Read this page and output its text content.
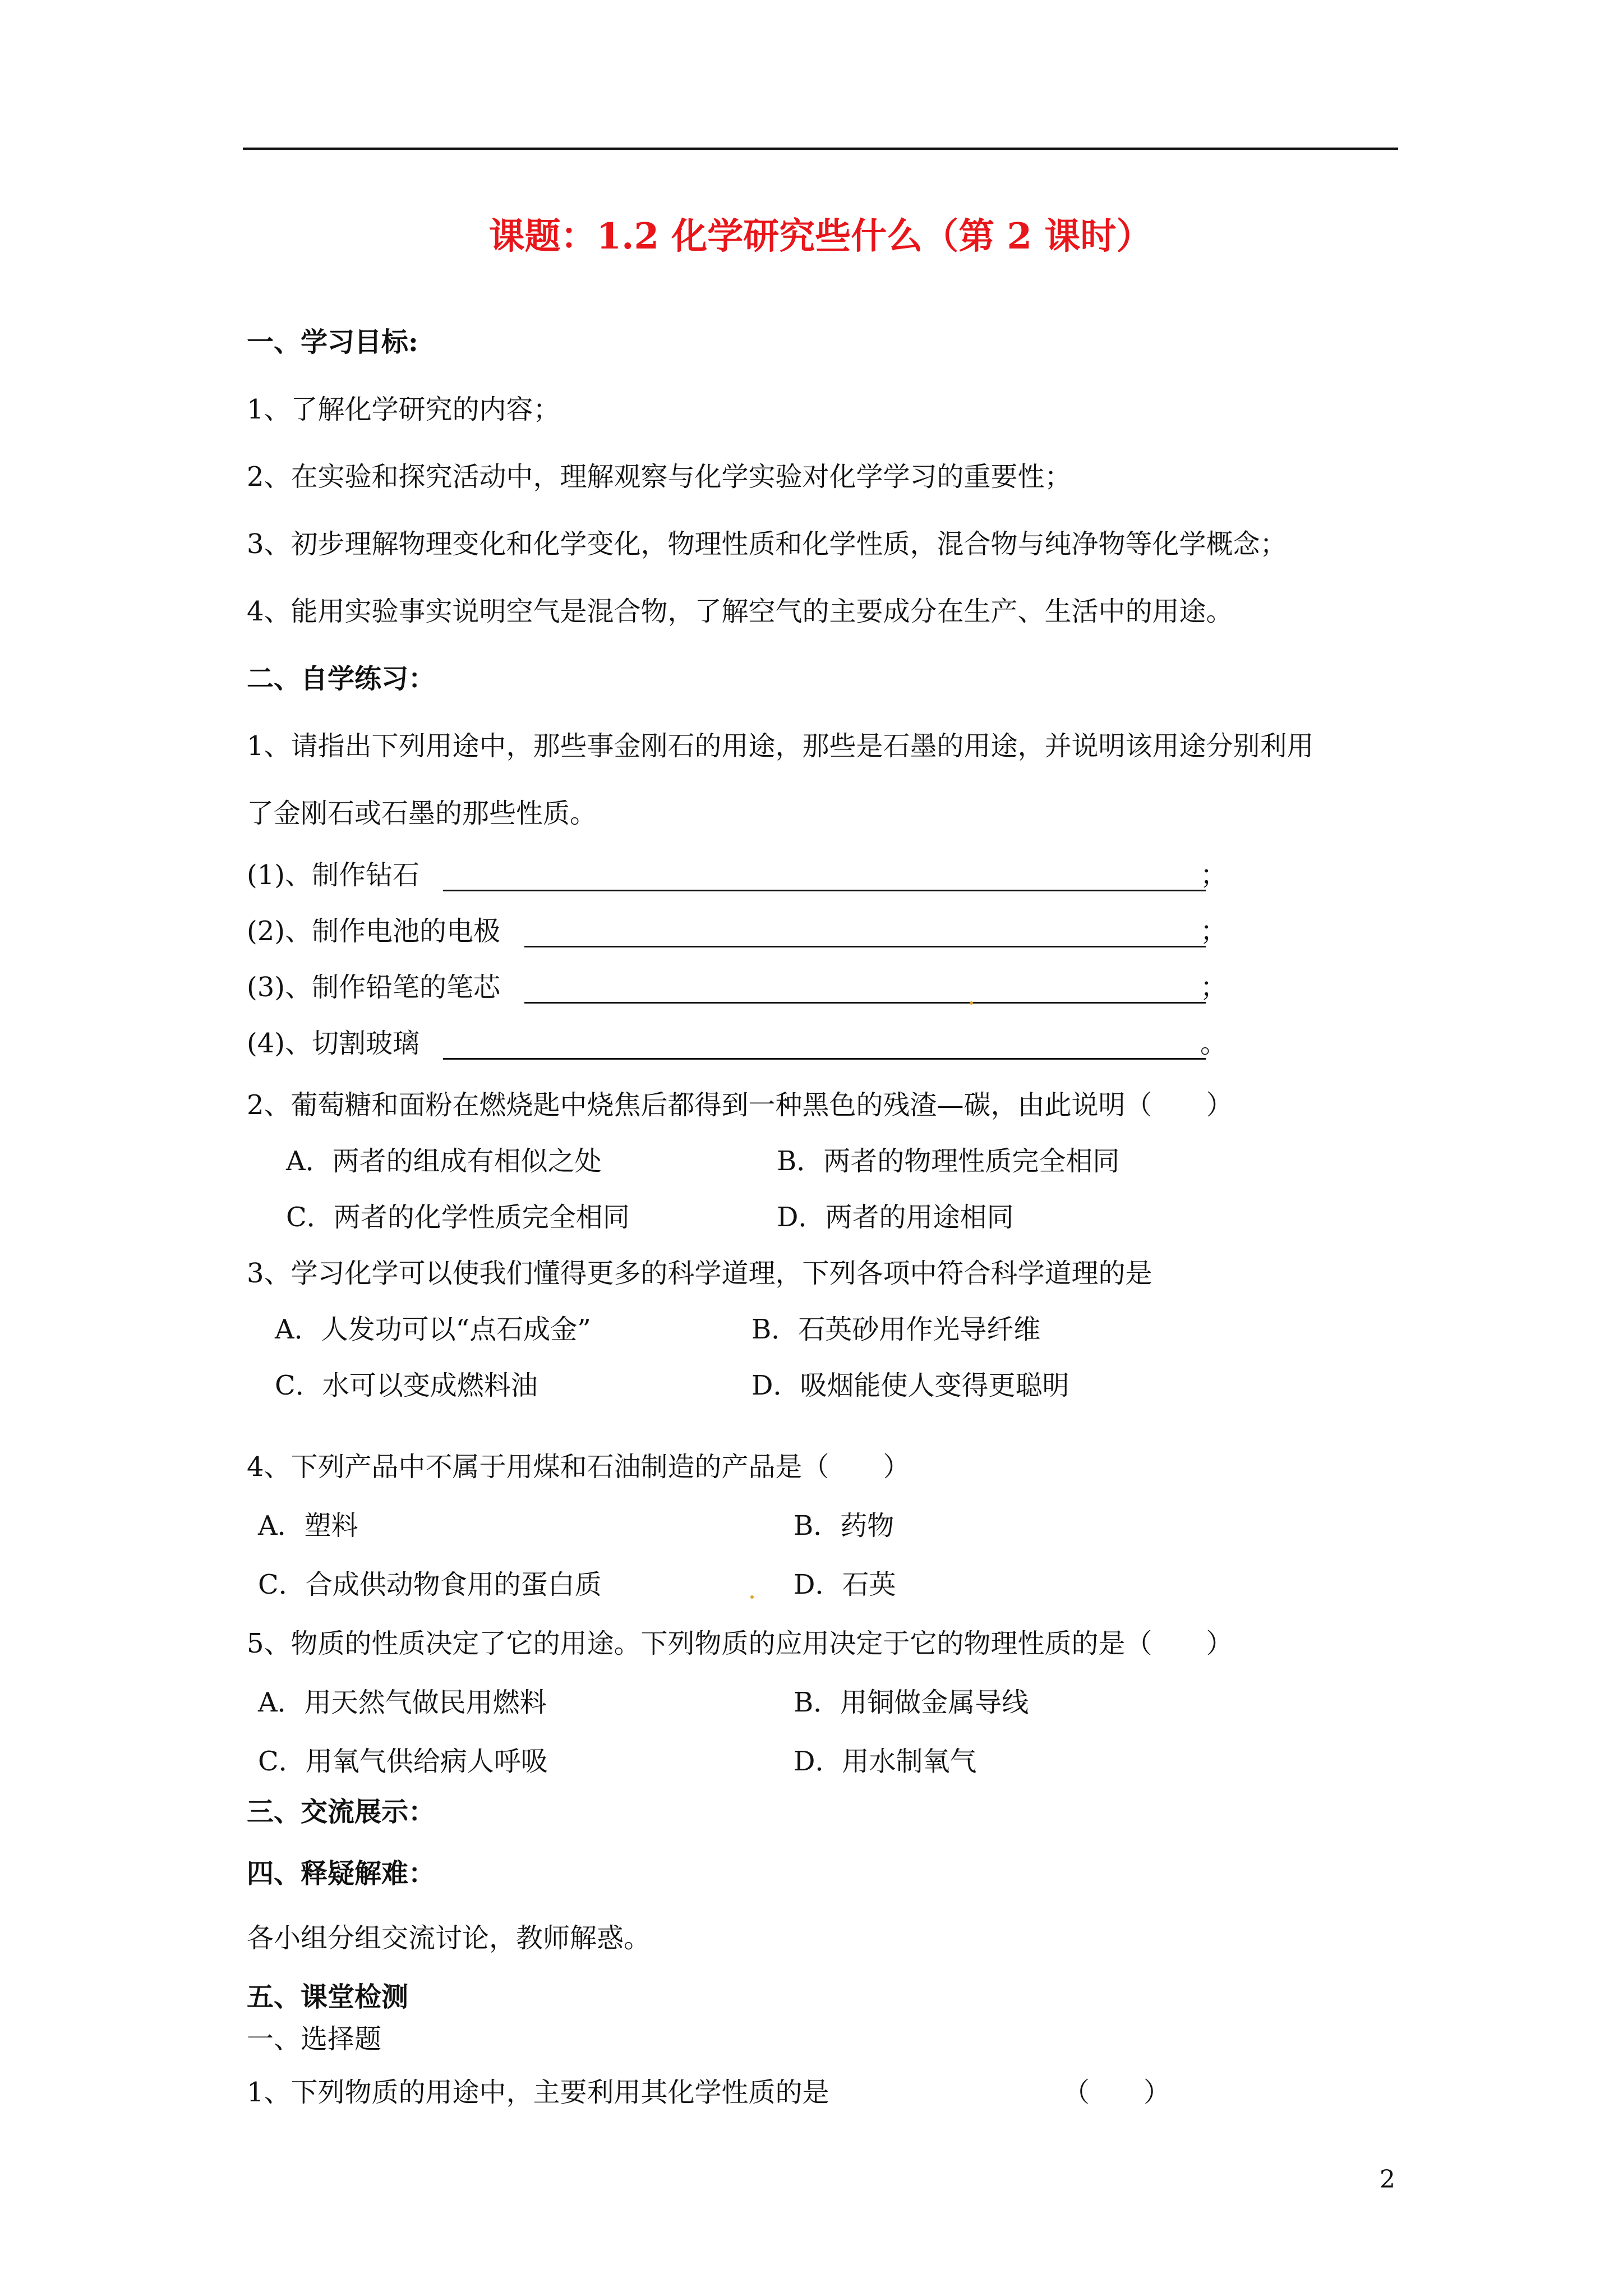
课题：1.2 化学研究些什么（第 2 课时）
一、学习目标:
1、了解化学研究的内容；
2、在实验和探究活动中，理解观察与化学实验对化学学习的重要性；
3、初步理解物理变化和化学变化，物理性质和化学性质，混合物与纯净物等化学概念；
4、能用实验事实说明空气是混合物，了解空气的主要成分在生产、生活中的用途。
二、自学练习：
1、请指出下列用途中，那些事金刚石的用途，那些是石墨的用途，并说明该用途分别利用
了金刚石或石墨的那些性质。
(1)、制作钻石	；
(2)、制作电池的电极	；
(3)、制作铅笔的笔芯	；
(4)、切割玻璃	。
2、葡萄糖和面粉在燃烧匙中烧焦后都得到一种黑色的残渣—碳，由此说明（　　）
A．两者的组成有相似之处	B．两者的物理性质完全相同
C．两者的化学性质完全相同	D．两者的用途相同
3、学习化学可以使我们懂得更多的科学道理，下列各项中符合科学道理的是
A．人发功可以“点石成金”	B．石英砂用作光导纤维
C．水可以变成燃料油	D．吸烟能使人变得更聪明
4、下列产品中不属于用煤和石油制造的产品是（　　）
A．塑料	B．药物
C．合成供动物食用的蛋白质	D．石英
5、物质的性质决定了它的用途。下列物质的应用决定于它的物理性质的是（　　）
A．用天然气做民用燃料	B．用铜做金属导线
C．用氧气供给病人呼吸	D．用水制氧气
三、交流展示：
四、释疑解难：
各小组分组交流讨论，教师解惑。
五、课堂检测
一、选择题
1、下列物质的用途中，主要利用其化学性质的是	（　　）
2
